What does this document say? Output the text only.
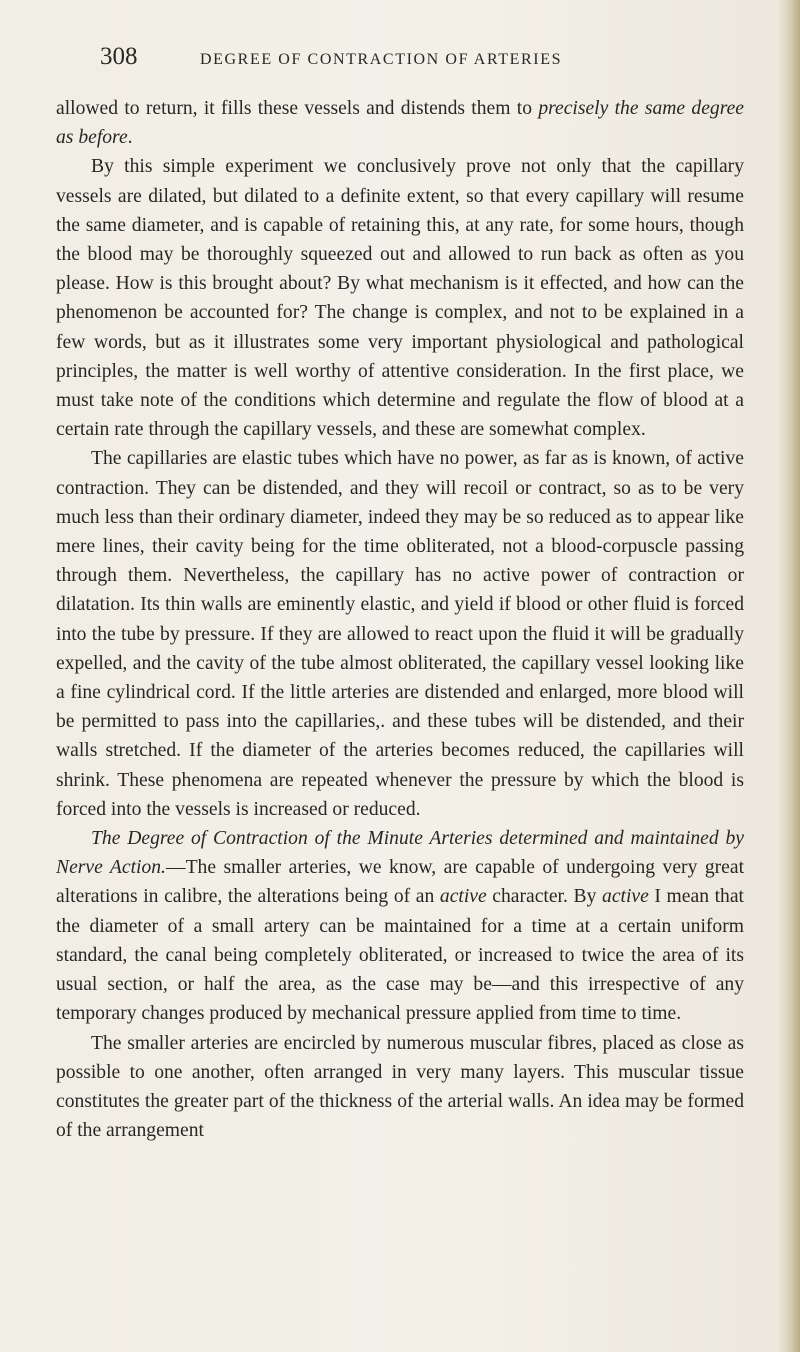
308	DEGREE OF CONTRACTION OF ARTERIES

allowed to return, it fills these vessels and distends them to precisely the same degree as before.

By this simple experiment we conclusively prove not only that the capillary vessels are dilated, but dilated to a definite extent, so that every capillary will resume the same diameter, and is capable of retaining this, at any rate, for some hours, though the blood may be thoroughly squeezed out and allowed to run back as often as you please. How is this brought about? By what mechanism is it effected, and how can the phenomenon be accounted for? The change is complex, and not to be explained in a few words, but as it illustrates some very important physiological and pathological principles, the matter is well worthy of attentive consideration. In the first place, we must take note of the conditions which determine and regulate the flow of blood at a certain rate through the capillary vessels, and these are somewhat complex.

The capillaries are elastic tubes which have no power, as far as is known, of active contraction. They can be distended, and they will recoil or contract, so as to be very much less than their ordinary diameter, indeed they may be so reduced as to appear like mere lines, their cavity being for the time obliterated, not a blood-corpuscle passing through them. Nevertheless, the capillary has no active power of contraction or dilatation. Its thin walls are eminently elastic, and yield if blood or other fluid is forced into the tube by pressure. If they are allowed to react upon the fluid it will be gradually expelled, and the cavity of the tube almost obliterated, the capillary vessel looking like a fine cylindrical cord. If the little arteries are distended and enlarged, more blood will be permitted to pass into the capillaries,. and these tubes will be distended, and their walls stretched. If the diameter of the arteries becomes reduced, the capillaries will shrink. These phenomena are repeated whenever the pressure by which the blood is forced into the vessels is increased or reduced.

The Degree of Contraction of the Minute Arteries determined and maintained by Nerve Action.—The smaller arteries, we know, are capable of undergoing very great alterations in calibre, the alterations being of an active character. By active I mean that the diameter of a small artery can be maintained for a time at a certain uniform standard, the canal being completely obliterated, or increased to twice the area of its usual section, or half the area, as the case may be—and this irrespective of any temporary changes produced by mechanical pressure applied from time to time.

The smaller arteries are encircled by numerous muscular fibres, placed as close as possible to one another, often arranged in very many layers. This muscular tissue constitutes the greater part of the thickness of the arterial walls. An idea may be formed of the arrangement
